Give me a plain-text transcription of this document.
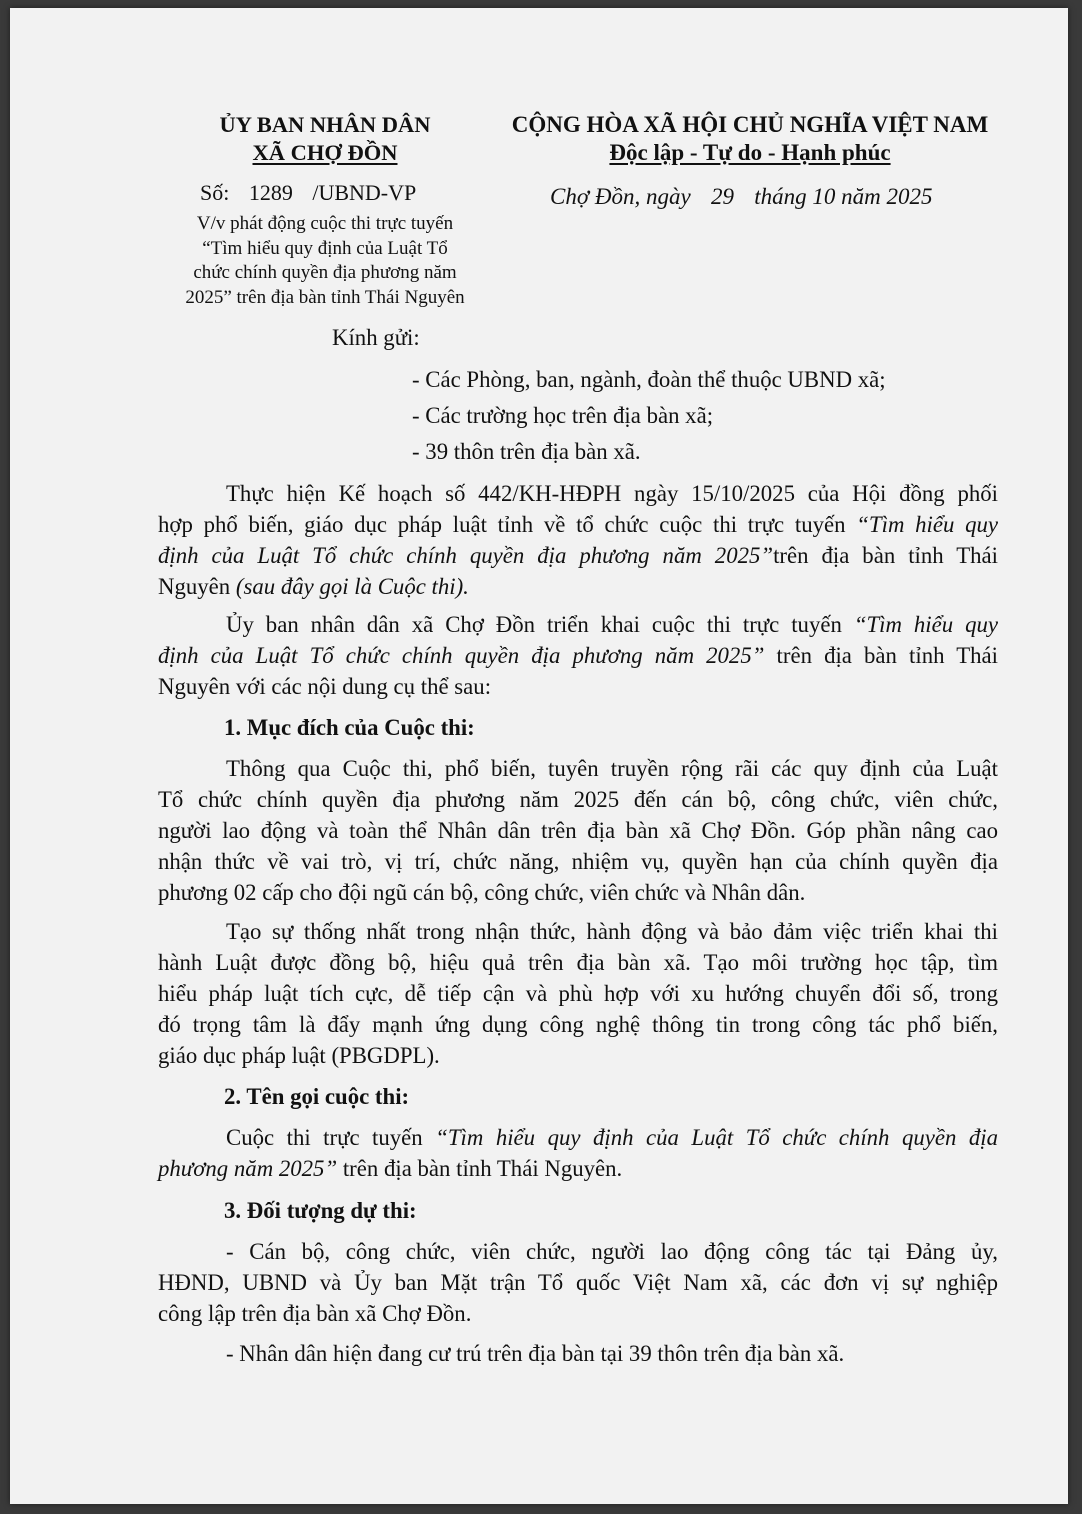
ỦY BAN NHÂN DÂN
XÃ CHỢ ĐỒN
Số: 1289 /UBND-VP
V/v phát động cuộc thi trực tuyến
“Tìm hiểu quy định của Luật Tổ
chức chính quyền địa phương năm
2025” trên địa bàn tỉnh Thái Nguyên
CỘNG HÒA XÃ HỘI CHỦ NGHĨA VIỆT NAM
Độc lập - Tự do - Hạnh phúc
Chợ Đồn, ngày 29 tháng 10 năm 2025
Kính gửi:
- Các Phòng, ban, ngành, đoàn thể thuộc UBND xã;
- Các trường học trên địa bàn xã;
- 39 thôn trên địa bàn xã.
Thực hiện Kế hoạch số 442/KH-HĐPH ngày 15/10/2025 của Hội đồng phối
hợp phổ biến, giáo dục pháp luật tỉnh về tổ chức cuộc thi trực tuyến “Tìm hiểu quy
định của Luật Tổ chức chính quyền địa phương năm 2025”trên địa bàn tỉnh Thái
Nguyên (sau đây gọi là Cuộc thi).
Ủy ban nhân dân xã Chợ Đồn triển khai cuộc thi trực tuyến “Tìm hiểu quy
định của Luật Tổ chức chính quyền địa phương năm 2025” trên địa bàn tỉnh Thái
Nguyên với các nội dung cụ thể sau:
1. Mục đích của Cuộc thi:
Thông qua Cuộc thi, phổ biến, tuyên truyền rộng rãi các quy định của Luật
Tổ chức chính quyền địa phương năm 2025 đến cán bộ, công chức, viên chức,
người lao động và toàn thể Nhân dân trên địa bàn xã Chợ Đồn. Góp phần nâng cao
nhận thức về vai trò, vị trí, chức năng, nhiệm vụ, quyền hạn của chính quyền địa
phương 02 cấp cho đội ngũ cán bộ, công chức, viên chức và Nhân dân.
Tạo sự thống nhất trong nhận thức, hành động và bảo đảm việc triển khai thi
hành Luật được đồng bộ, hiệu quả trên địa bàn xã. Tạo môi trường học tập, tìm
hiểu pháp luật tích cực, dễ tiếp cận và phù hợp với xu hướng chuyển đổi số, trong
đó trọng tâm là đẩy mạnh ứng dụng công nghệ thông tin trong công tác phổ biến,
giáo dục pháp luật (PBGDPL).
2. Tên gọi cuộc thi:
Cuộc thi trực tuyến “Tìm hiểu quy định của Luật Tổ chức chính quyền địa
phương năm 2025” trên địa bàn tỉnh Thái Nguyên.
3. Đối tượng dự thi:
- Cán bộ, công chức, viên chức, người lao động công tác tại Đảng ủy,
HĐND, UBND và Ủy ban Mặt trận Tổ quốc Việt Nam xã, các đơn vị sự nghiệp
công lập trên địa bàn xã Chợ Đồn.
- Nhân dân hiện đang cư trú trên địa bàn tại 39 thôn trên địa bàn xã.
